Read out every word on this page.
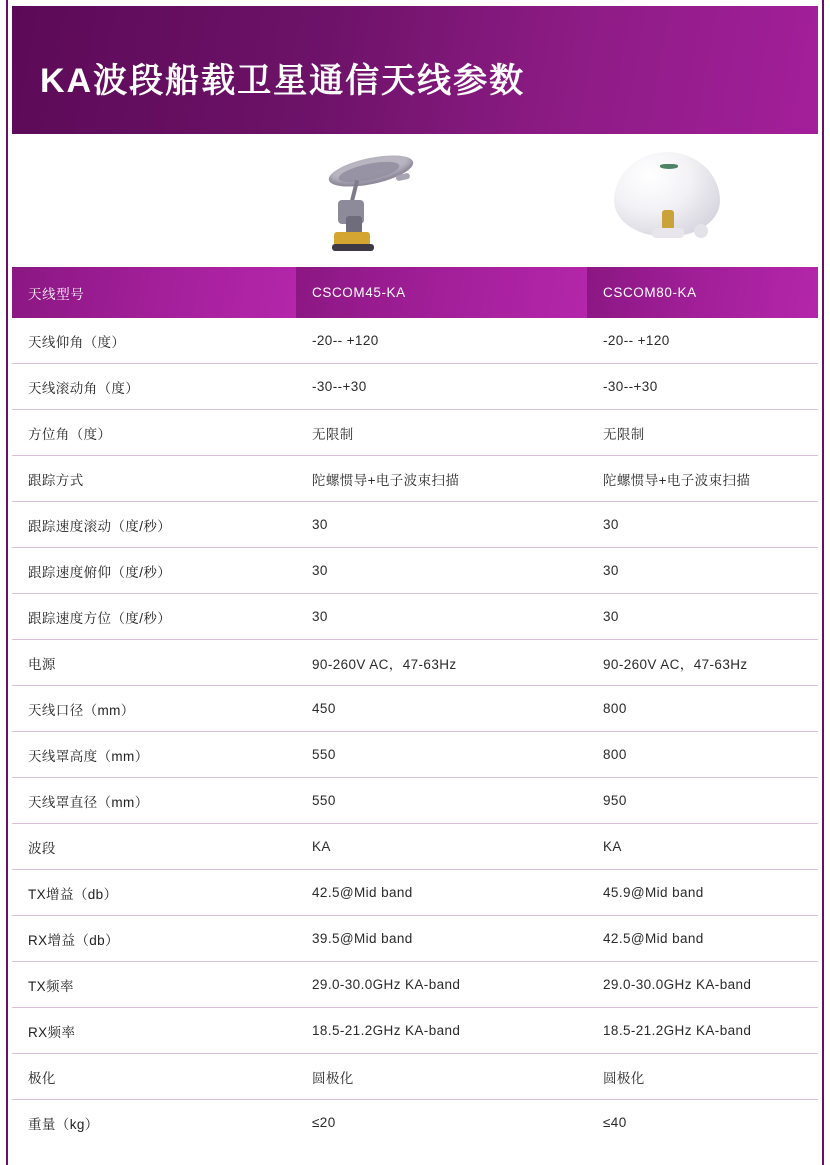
KA波段船载卫星通信天线参数
天线型号	CSCOM45-KA	CSCOM80-KA
天线仰角（度）	-20-- +120	-20-- +120
天线滚动角（度）	-30--+30	-30--+30
方位角（度）	无限制	无限制
跟踪方式	陀螺惯导+电子波束扫描	陀螺惯导+电子波束扫描
跟踪速度滚动（度/秒）	30	30
跟踪速度俯仰（度/秒）	30	30
跟踪速度方位（度/秒）	30	30
电源	90-260V AC，47-63Hz	90-260V AC，47-63Hz
天线口径（mm）	450	800
天线罩高度（mm）	550	800
天线罩直径（mm）	550	950
波段	KA	KA
TX增益（db）	42.5@Mid band	45.9@Mid band
RX增益（db）	39.5@Mid band	42.5@Mid band
TX频率	29.0-30.0GHz KA-band	29.0-30.0GHz KA-band
RX频率	18.5-21.2GHz KA-band	18.5-21.2GHz KA-band
极化	圆极化	圆极化
重量（kg）	≤20	≤40
